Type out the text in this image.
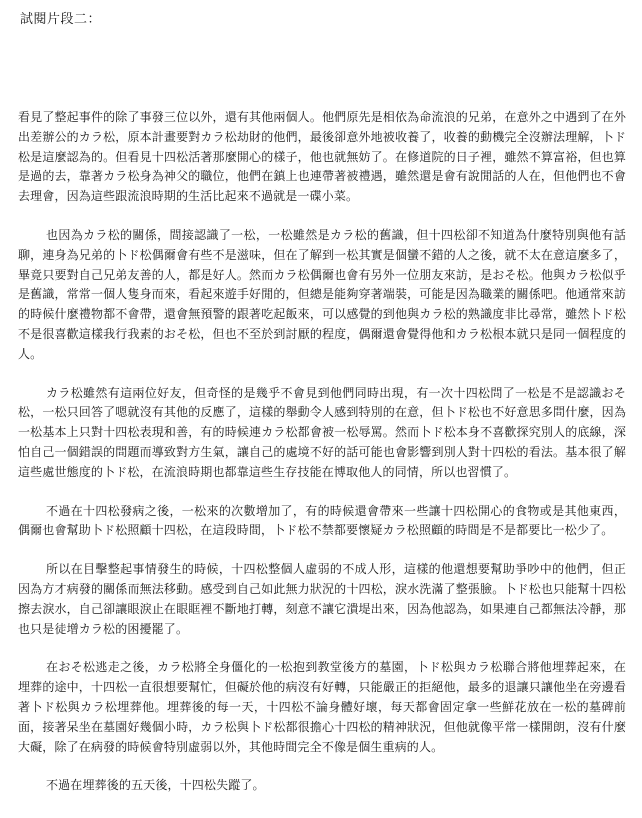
試閱片段二：

看見了整起事件的除了事發三位以外，還有其他兩個人。他們原先是相依為命流浪的兄弟，在意外之中遇到了在外出差辦公的カラ松，原本計畫要對カラ松劫財的他們，最後卻意外地被收養了，收養的動機完全沒辦法理解，卜ド松是這麼認為的。但看見十四松活著那麼開心的樣子，他也就無妨了。在修道院的日子裡，雖然不算富裕，但也算是過的去，靠著カラ松身為神父的職位，他們在鎮上也連帶著被禮遇，雖然還是會有說閒話的人在，但他們也不會去理會，因為這些跟流浪時期的生活比起來不過就是一碟小菜。

也因為カラ松的關係，間接認識了一松，一松雖然是カラ松的舊識，但十四松卻不知道為什麼特別與他有話聊，連身為兄弟的卜ド松偶爾會有些不是滋味，但在了解到一松其實是個蠻不錯的人之後，就不太在意這麼多了，畢竟只要對自己兄弟友善的人，都是好人。然而カラ松偶爾也會有另外一位朋友來訪，是おそ松。他與カラ松似乎是舊識，常常一個人隻身而來，看起來遊手好閒的，但總是能夠穿著端裝，可能是因為職業的關係吧。他通常來訪的時候什麼禮物都不會帶，還會無預警的跟著吃起飯來，可以感覺的到他與カラ松的熟識度非比尋常，雖然卜ド松不是很喜歡這樣我行我素的おそ松，但也不至於到討厭的程度，偶爾還會覺得他和カラ松根本就只是同一個程度的人。

カラ松雖然有這兩位好友，但奇怪的是幾乎不會見到他們同時出現，有一次十四松問了一松是不是認識おそ松，一松只回答了嗯就沒有其他的反應了，這樣的舉動令人感到特別的在意，但卜ド松也不好意思多問什麼，因為一松基本上只對十四松表現和善，有的時候連カラ松都會被一松辱罵。然而卜ド松本身不喜歡探究別人的底線，深怕自己一個錯誤的問題而導致對方生氣，讓自己的處境不好的話可能也會影響到別人對十四松的看法。基本很了解這些處世態度的卜ド松，在流浪時期也都靠這些生存技能在博取他人的同情，所以也習慣了。

不過在十四松發病之後，一松來的次數增加了，有的時候還會帶來一些讓十四松開心的食物或是其他東西，偶爾也會幫助卜ド松照顧十四松，在這段時間，卜ド松不禁都要懷疑カラ松照顧的時間是不是都要比一松少了。

所以在目擊整起事情發生的時候，十四松整個人虛弱的不成人形，這樣的他還想要幫助爭吵中的他們，但正因為方才病發的關係而無法移動。感受到自己如此無力狀況的十四松，淚水洗滿了整張臉。卜ド松也只能幫十四松擦去淚水，自己卻讓眼淚止在眼眶裡不斷地打轉，刻意不讓它潰堤出來，因為他認為，如果連自己都無法冷靜，那也只是徒增カラ松的困擾罷了。

在おそ松逃走之後，カラ松將全身僵化的一松抱到教堂後方的墓園，卜ド松與カラ松聯合將他埋葬起來，在埋葬的途中，十四松一直很想要幫忙，但礙於他的病沒有好轉，只能嚴正的拒絕他，最多的退讓只讓他坐在旁邊看著卜ド松與カラ松埋葬他。埋葬後的每一天，十四松不論身體好壞，每天都會固定拿一些鮮花放在一松的墓碑前面，接著呆坐在墓園好幾個小時，カラ松與卜ド松都很擔心十四松的精神狀況，但他就像平常一樣開朗，沒有什麼大礙，除了在病發的時候會特別虛弱以外，其他時間完全不像是個生重病的人。

不過在埋葬後的五天後，十四松失蹤了。
